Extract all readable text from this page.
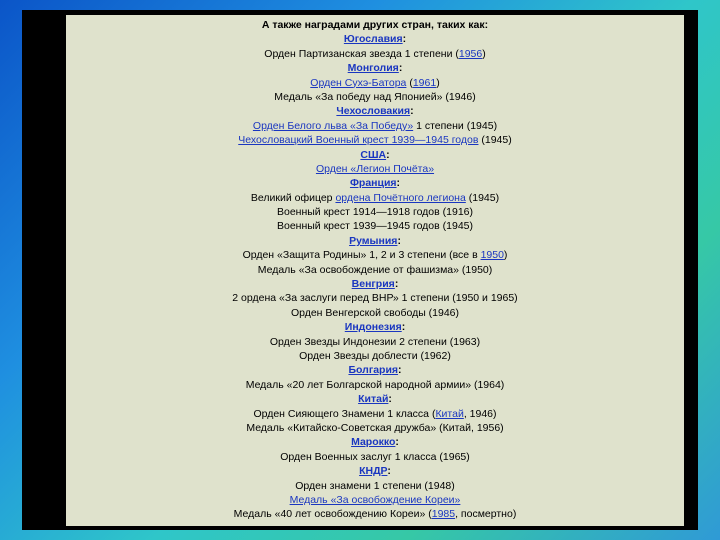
А также наградами других стран, таких как:
Югославия:
Орден Партизанская звезда 1 степени (1956)
Монголия:
Орден Сухэ-Батора (1961)
Медаль «За победу над Японией» (1946)
Чехословакия:
Орден Белого льва «За Победу» 1 степени (1945)
Чехословацкий Военный крест 1939—1945 годов (1945)
США:
Орден «Легион Почёта»
Франция:
Великий офицер ордена Почётного легиона (1945)
Военный крест 1914—1918 годов (1916)
Военный крест 1939—1945 годов (1945)
Румыния:
Орден «Защита Родины» 1, 2 и 3 степени (все в 1950)
Медаль «За освобождение от фашизма» (1950)
Венгрия:
2 ордена «За заслуги перед ВНР» 1 степени (1950 и 1965)
Орден Венгерской свободы (1946)
Индонезия:
Орден Звезды Индонезии 2 степени (1963)
Орден Звезды доблести (1962)
Болгария:
Медаль «20 лет Болгарской народной армии» (1964)
Китай:
Орден Сияющего Знамени 1 класса (Китай, 1946)
Медаль «Китайско-Советская дружба» (Китай, 1956)
Марокко:
Орден Военных заслуг 1 класса (1965)
КНДР:
Орден знамени 1 степени (1948)
Медаль «За освобождение Кореи»
Медаль «40 лет освобождению Кореи» (1985, посмертно)
